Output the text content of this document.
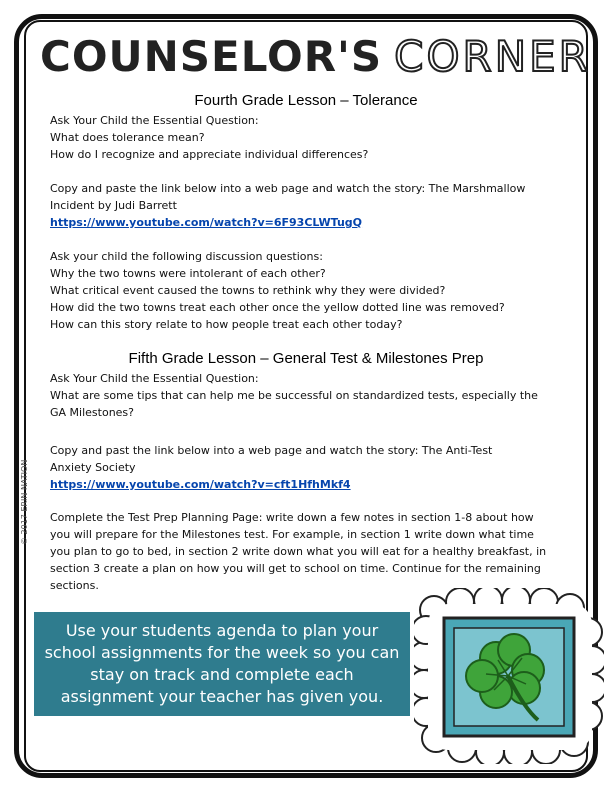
COUNSELOR'S CORNER
Fourth Grade Lesson – Tolerance
Ask Your Child the Essential Question:
What does tolerance mean?
How do I recognize and appreciate individual differences?
Copy and paste the link below into a web page and watch the story: The Marshmallow
Incident by Judi Barrett
https://www.youtube.com/watch?v=6F93CLWTugQ
Ask your child the following discussion questions:
Why the two towns were intolerant of each other?
What critical event caused the towns to rethink why they were divided?
How did the two towns treat each other once the yellow dotted line was removed?
How can this story relate to how people treat each other today?
Fifth Grade Lesson – General Test & Milestones Prep
Ask Your Child the Essential Question:
What are some tips that can help me be successful on standardized tests, especially the
GA Milestones?
Copy and past the link below into a web page and watch the story: The Anti-Test
Anxiety Society
https://www.youtube.com/watch?v=cft1HfhMkf4
Complete the Test Prep Planning Page: write down a few notes in section 1-8 about how
you will prepare for the Milestones test. For example, in section 1 write down what time
you plan to go to bed, in section 2 write down what you will eat for a healthy breakfast, in
section 3 create a plan on how you will get to school on time. Continue for the remaining
sections.
© 2017 ERIN NATION
Use your students agenda to plan your school assignments for the week so you can stay on track and complete each assignment your teacher has given you.
